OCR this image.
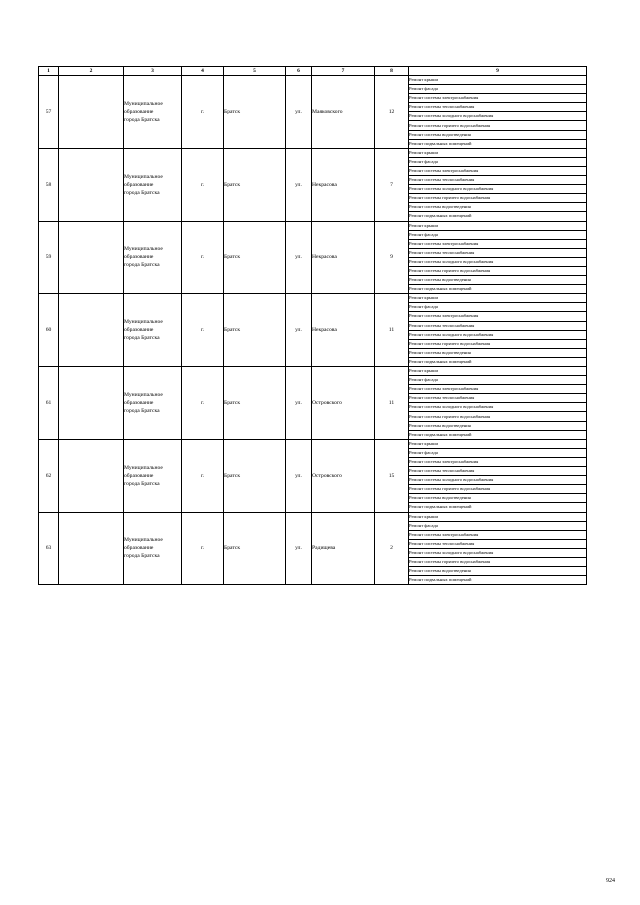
1	2	3	4	5	6	7	8	9
57		Муниципальное
образование
города Братска	г.	Братск	ул.	Маяковского	12	Ремонт крыши
								Ремонт фасада
								Ремонт системы электроснабжения
								Ремонт системы теплоснабжения
								Ремонт системы холодного водоснабжения
								Ремонт системы горячего водоснабжения
								Ремонт системы водоотведения
								Ремонт подвальных помещений
58		Муниципальное
образование
города Братска	г.	Братск	ул.	Некрасова	7	Ремонт крыши
								Ремонт фасада
								Ремонт системы электроснабжения
								Ремонт системы теплоснабжения
								Ремонт системы холодного водоснабжения
								Ремонт системы горячего водоснабжения
								Ремонт системы водоотведения
								Ремонт подвальных помещений
59		Муниципальное
образование
города Братска	г.	Братск	ул.	Некрасова	9	Ремонт крыши
								Ремонт фасада
								Ремонт системы электроснабжения
								Ремонт системы теплоснабжения
								Ремонт системы холодного водоснабжения
								Ремонт системы горячего водоснабжения
								Ремонт системы водоотведения
								Ремонт подвальных помещений
60		Муниципальное
образование
города Братска	г.	Братск	ул.	Некрасова	11	Ремонт крыши
								Ремонт фасада
								Ремонт системы электроснабжения
								Ремонт системы теплоснабжения
								Ремонт системы холодного водоснабжения
								Ремонт системы горячего водоснабжения
								Ремонт системы водоотведения
								Ремонт подвальных помещений
61		Муниципальное
образование
города Братска	г.	Братск	ул.	Островского	11	Ремонт крыши
								Ремонт фасада
								Ремонт системы электроснабжения
								Ремонт системы теплоснабжения
								Ремонт системы холодного водоснабжения
								Ремонт системы горячего водоснабжения
								Ремонт системы водоотведения
								Ремонт подвальных помещений
62		Муниципальное
образование
города Братска	г.	Братск	ул.	Островского	15	Ремонт крыши
								Ремонт фасада
								Ремонт системы электроснабжения
								Ремонт системы теплоснабжения
								Ремонт системы холодного водоснабжения
								Ремонт системы горячего водоснабжения
								Ремонт системы водоотведения
								Ремонт подвальных помещений
63		Муниципальное
образование
города Братска	г.	Братск	ул.	Радищева	2	Ремонт крыши
								Ремонт фасада
								Ремонт системы электроснабжения
								Ремонт системы теплоснабжения
								Ремонт системы холодного водоснабжения
								Ремонт системы горячего водоснабжения
								Ремонт системы водоотведения
								Ремонт подвальных помещений
924
